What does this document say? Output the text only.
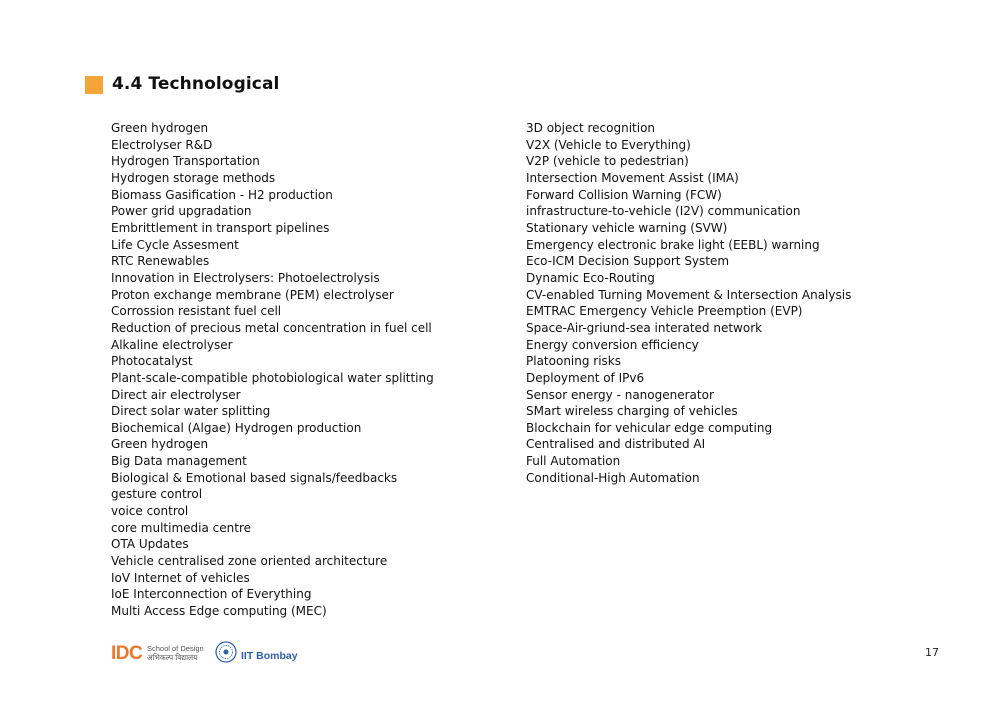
4.4 Technological
Green hydrogen
Electrolyser R&D
Hydrogen Transportation
Hydrogen storage methods
Biomass Gasification - H2 production
Power grid upgradation
Embrittlement in transport pipelines
Life Cycle Assesment
RTC Renewables
Innovation in Electrolysers: Photoelectrolysis
Proton exchange membrane (PEM) electrolyser
Corrossion resistant fuel cell
Reduction of precious metal concentration in fuel cell
Alkaline electrolyser
Photocatalyst
Plant-scale-compatible photobiological water splitting
Direct air electrolyser
Direct solar water splitting
Biochemical (Algae) Hydrogen production
Green hydrogen
Big Data management
Biological & Emotional based signals/feedbacks
gesture control
voice control
core multimedia centre
OTA Updates
Vehicle centralised zone oriented architecture
IoV Internet of vehicles
IoE Interconnection of Everything
Multi Access Edge computing (MEC)
3D object recognition
V2X (Vehicle to Everything)
V2P (vehicle to pedestrian)
Intersection Movement Assist (IMA)
Forward Collision Warning (FCW)
infrastructure-to-vehicle (I2V) communication
Stationary vehicle warning (SVW)
Emergency electronic brake light (EEBL) warning
Eco-ICM Decision Support System
Dynamic Eco-Routing
CV-enabled Turning Movement & Intersection Analysis
EMTRAC Emergency Vehicle Preemption (EVP)
Space-Air-griund-sea interated network
Energy conversion efficiency
Platooning risks
Deployment of IPv6
Sensor energy - nanogenerator
SMart wireless charging of vehicles
Blockchain for vehicular edge computing
Centralised and distributed AI
Full Automation
Conditional-High Automation
IDC School of Design
अभिकल्प विद्यालय	IIT Bombay	17
